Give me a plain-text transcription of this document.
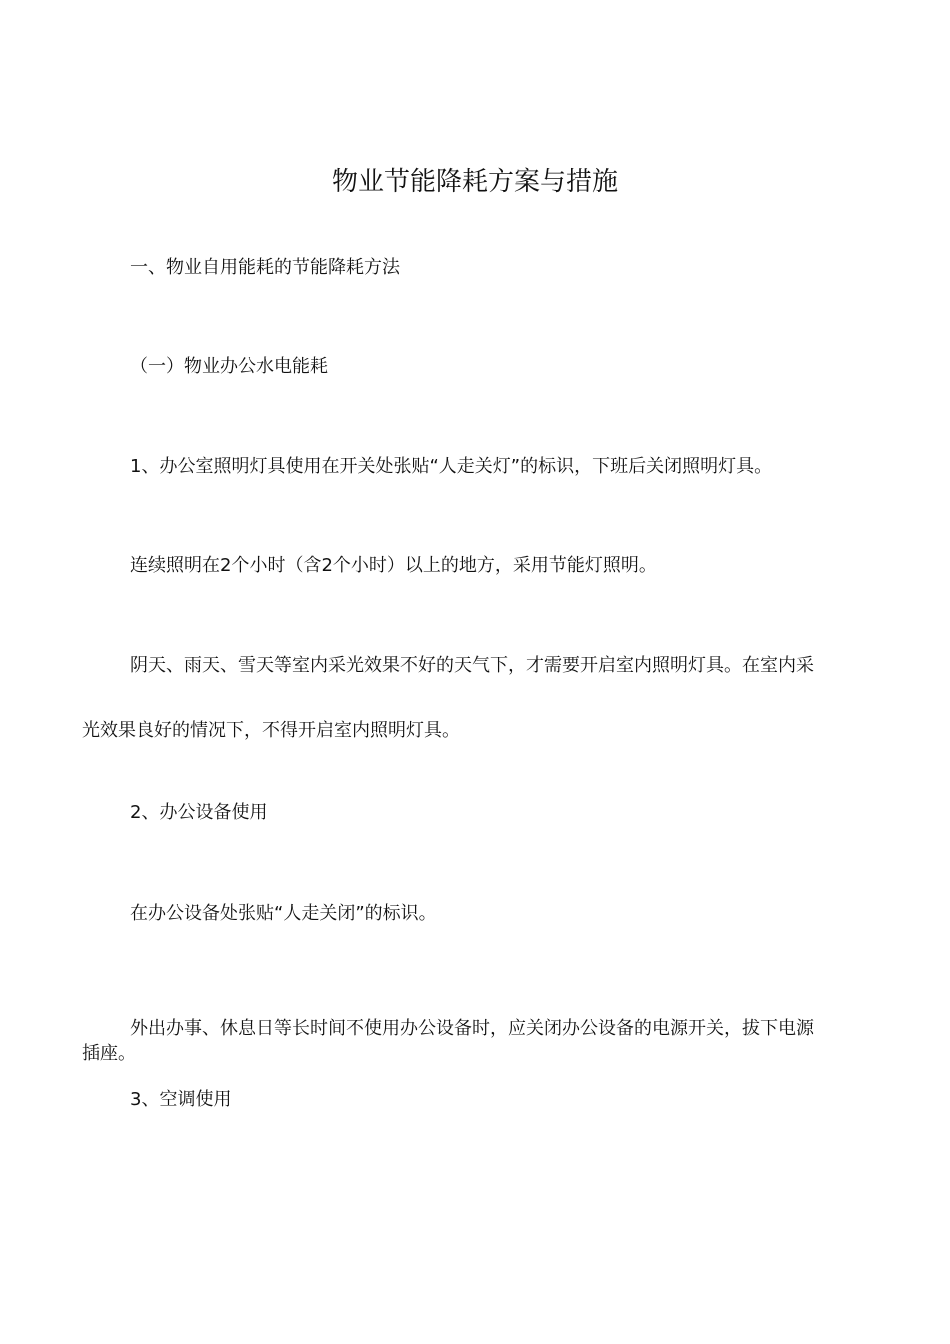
物业节能降耗方案与措施

一、物业自用能耗的节能降耗方法

（一）物业办公水电能耗

1、办公室照明灯具使用在开关处张贴“人走关灯”的标识，下班后关闭照明灯具。

连续照明在2个小时（含2个小时）以上的地方，采用节能灯照明。

阴天、雨天、雪天等室内采光效果不好的天气下，才需要开启室内照明灯具。在室内采

光效果良好的情况下，不得开启室内照明灯具。

2、办公设备使用

在办公设备处张贴“人走关闭”的标识。

外出办事、休息日等长时间不使用办公设备时，应关闭办公设备的电源开关，拔下电源

插座。

3、空调使用
